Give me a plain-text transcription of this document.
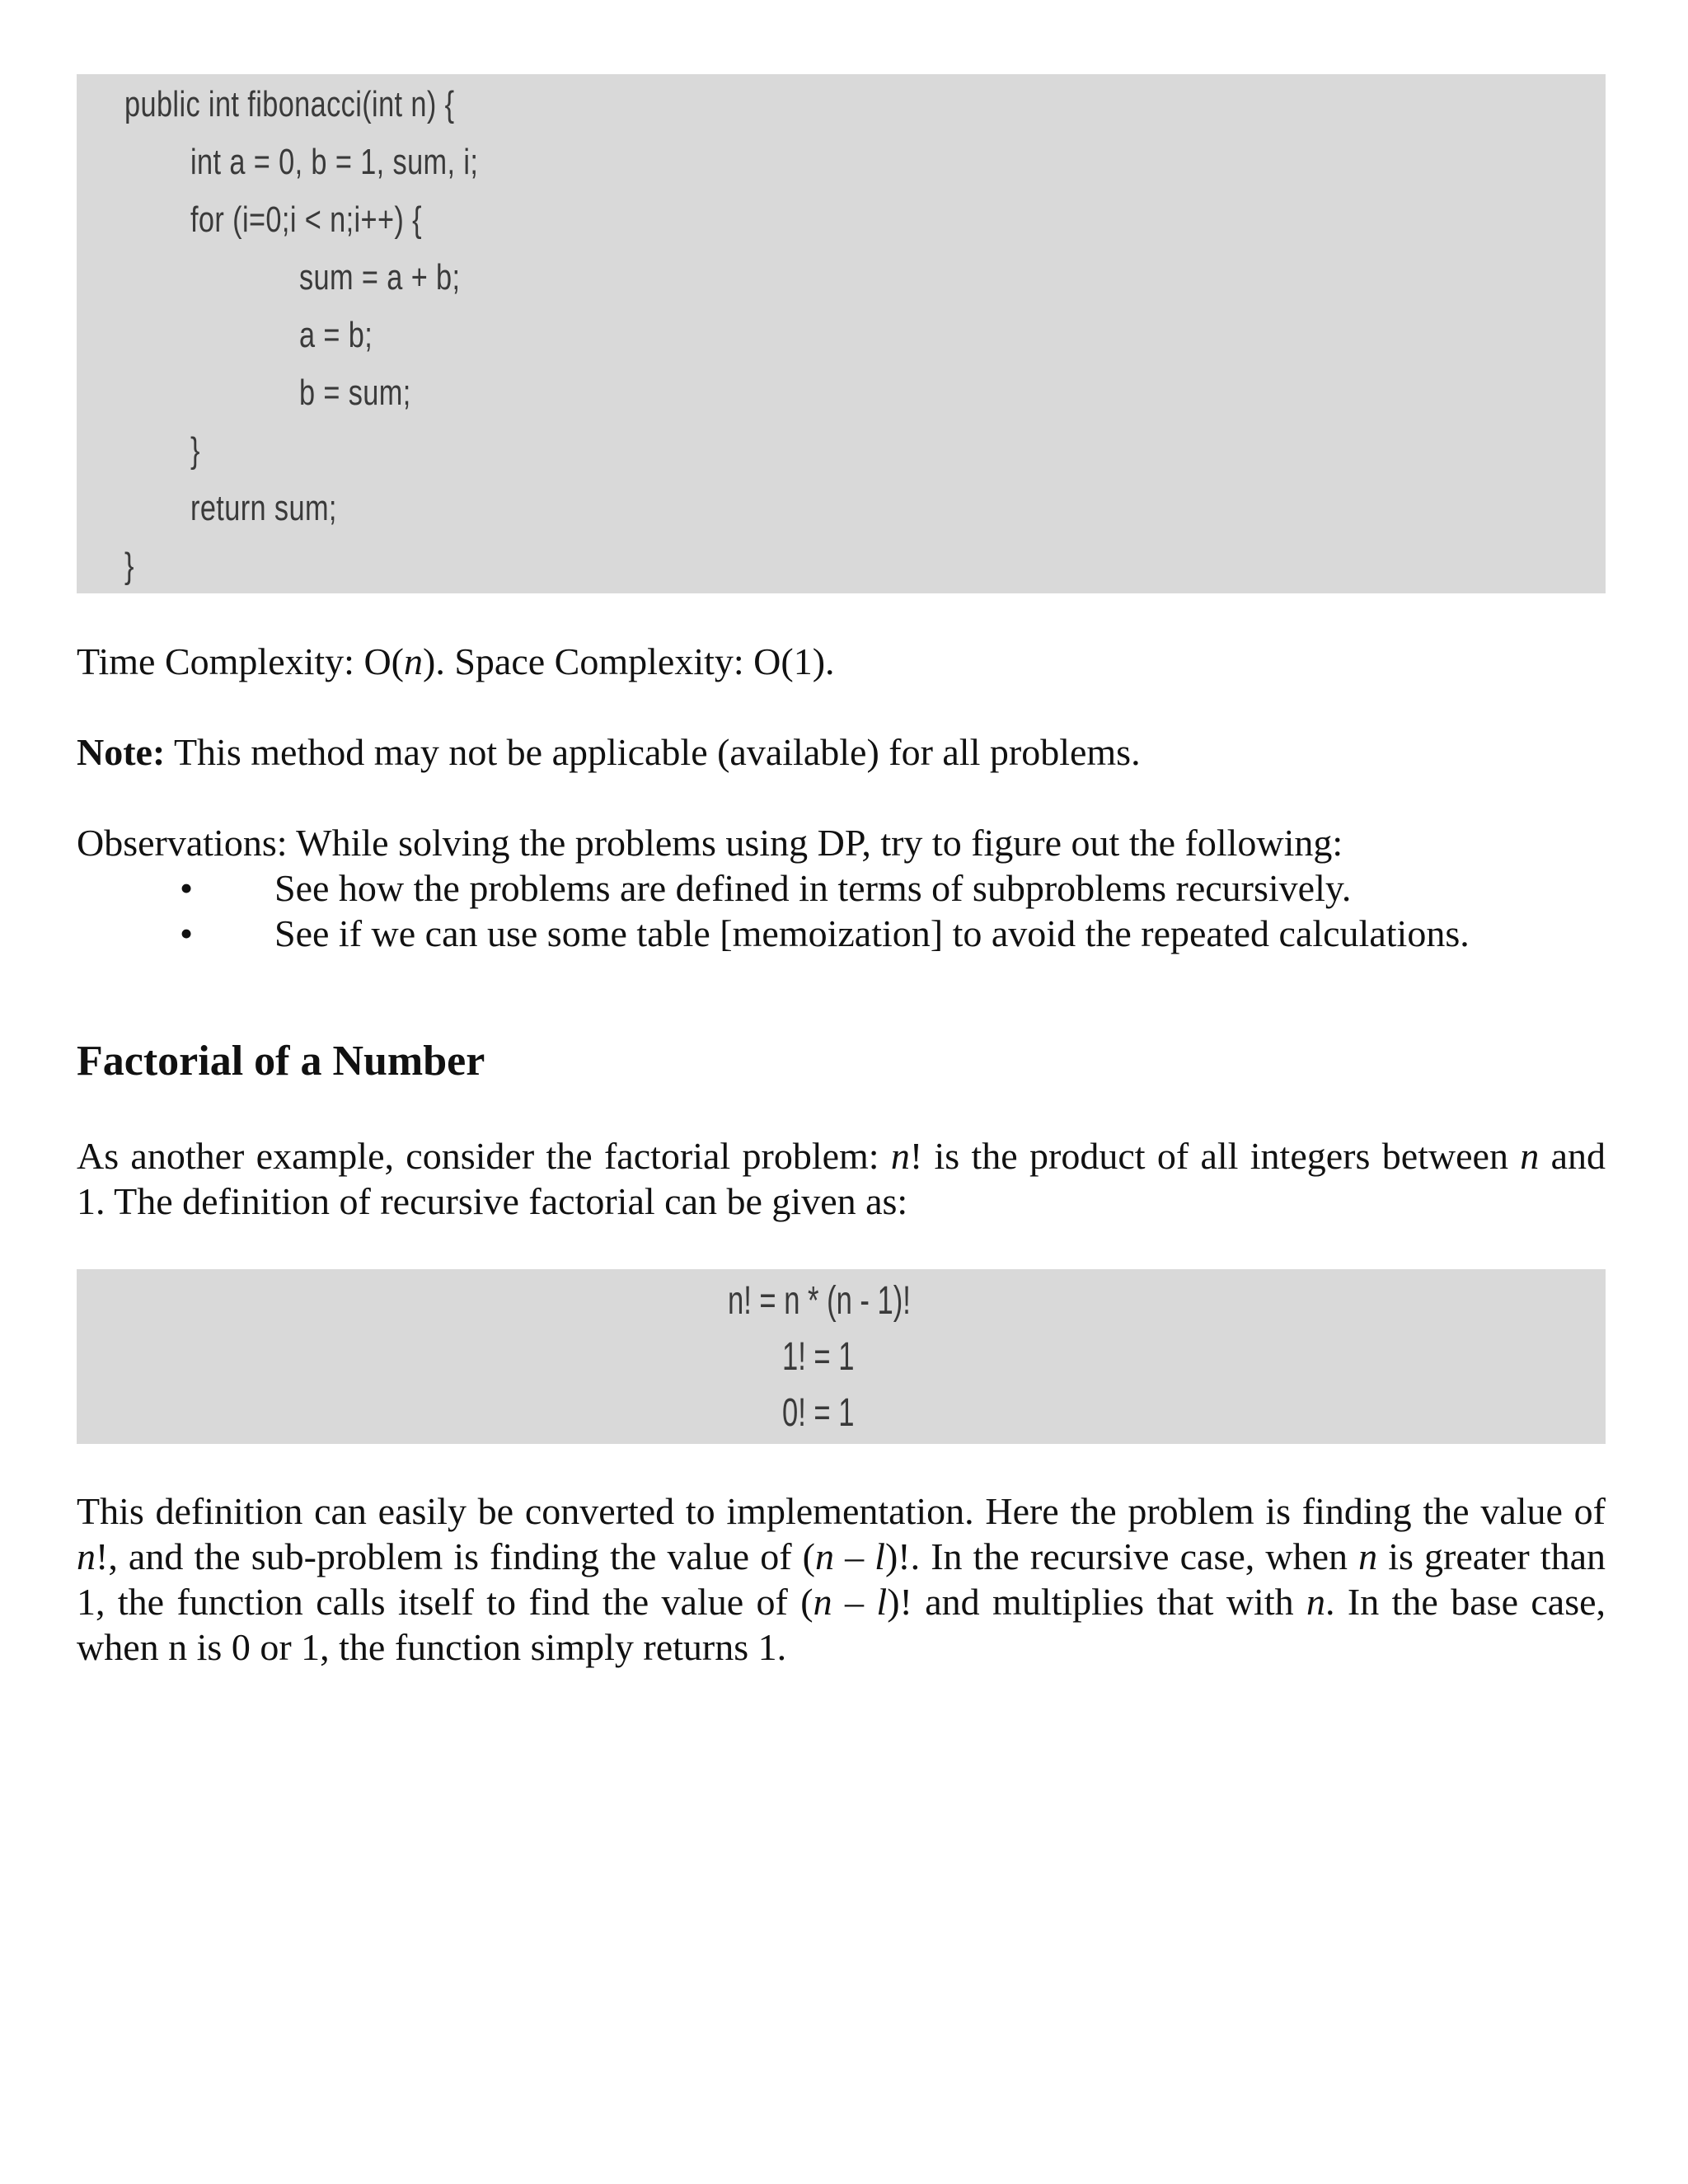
public int fibonacci(int n) {
int a = 0, b = 1, sum, i;
for (i=0;i < n;i++) {
sum = a + b;
a = b;
b = sum;
}
return sum;
}
Time Complexity: O(n). Space Complexity: O(1).
Note: This method may not be applicable (available) for all problems.
Observations: While solving the problems using DP, try to figure out the following:
• See how the problems are defined in terms of subproblems recursively.
• See if we can use some table [memoization] to avoid the repeated calculations.
Factorial of a Number
As another example, consider the factorial problem: n! is the product of all integers between n and 1. The definition of recursive factorial can be given as:
n! = n * (n - 1)!
1! = 1
0! = 1
This definition can easily be converted to implementation. Here the problem is finding the value of n!, and the sub-problem is finding the value of (n – l)!. In the recursive case, when n is greater than 1, the function calls itself to find the value of (n – l)! and multiplies that with n. In the base case, when n is 0 or 1, the function simply returns 1.
